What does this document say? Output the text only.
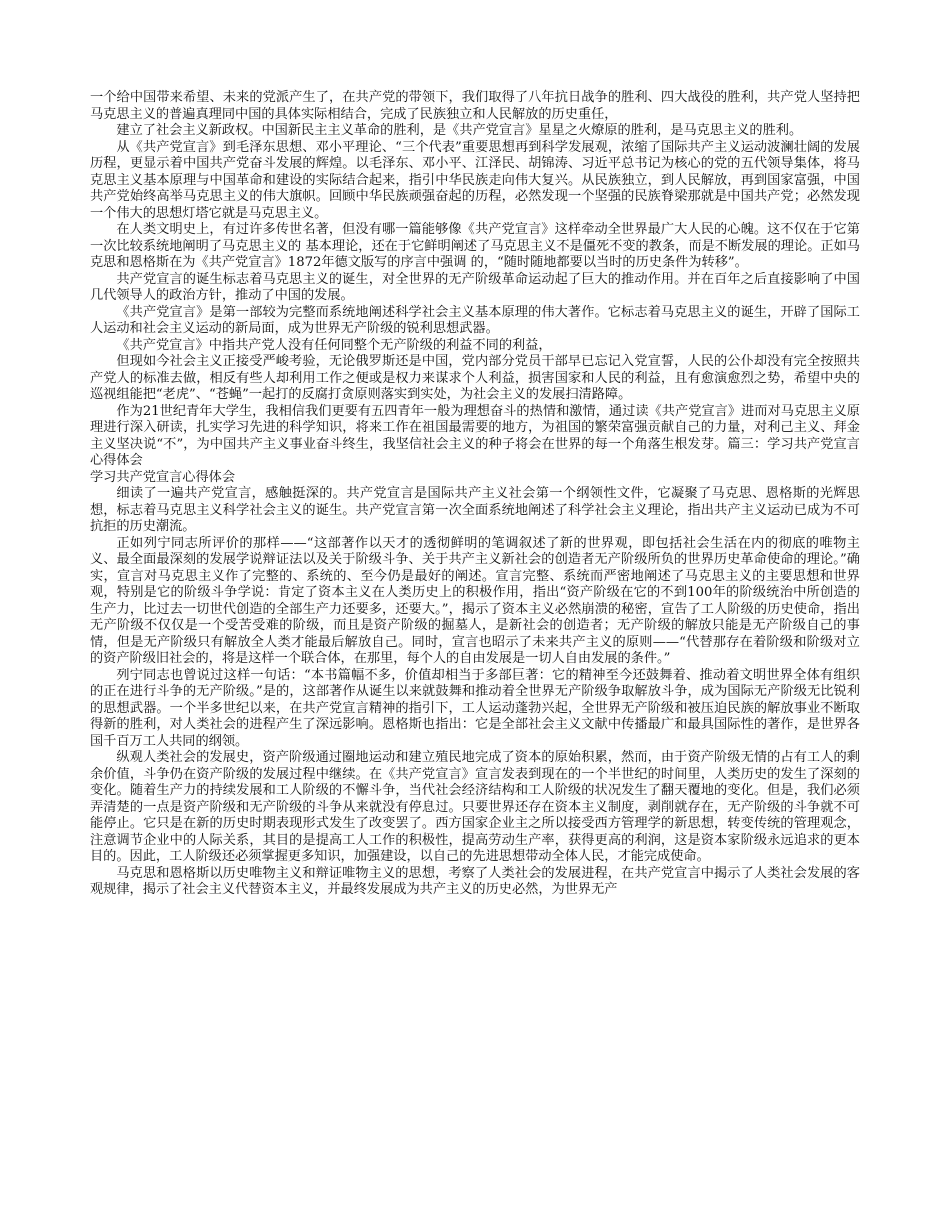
一个给中国带来希望、未来的党派产生了，在共产党的带领下，我们取得了八年抗日战争的胜利、四大战役的胜利，共产党人坚持把马克思主义的普遍真理同中国的具体实际相结合，完成了民族独立和人民解放的历史重任，

建立了社会主义新政权。中国新民主主义革命的胜利，是《共产党宣言》星星之火燎原的胜利，是马克思主义的胜利。

从《共产党宣言》到毛泽东思想、邓小平理论、“三个代表”重要思想再到科学发展观，浓缩了国际共产主义运动波澜壮阔的发展历程，更显示着中国共产党奋斗发展的辉煌。以毛泽东、邓小平、江泽民、胡锦涛、习近平总书记为核心的党的五代领导集体，将马克思主义基本原理与中国革命和建设的实际结合起来，指引中华民族走向伟大复兴。从民族独立，到人民解放，再到国家富强，中国共产党始终高举马克思主义的伟大旗帜。回顾中华民族顽强奋起的历程，必然发现一个坚强的民族脊梁那就是中国共产党；必然发现一个伟大的思想灯塔它就是马克思主义。

在人类文明史上，有过许多传世名著，但没有哪一篇能够像《共产党宣言》这样牵动全世界最广大人民的心魄。这不仅在于它第一次比较系统地阐明了马克思主义的 基本理论，还在于它鲜明阐述了马克思主义不是僵死不变的教条，而是不断发展的理论。正如马克思和恩格斯在为《共产党宣言》1872年德文版写的序言中强调 的，“随时随地都要以当时的历史条件为转移”。

共产党宣言的诞生标志着马克思主义的诞生，对全世界的无产阶级革命运动起了巨大的推动作用。并在百年之后直接影响了中国几代领导人的政治方针，推动了中国的发展。

《共产党宣言》是第一部较为完整而系统地阐述科学社会主义基本原理的伟大著作。它标志着马克思主义的诞生，开辟了国际工人运动和社会主义运动的新局面，成为世界无产阶级的锐利思想武器。

《共产党宣言》中指共产党人没有任何同整个无产阶级的利益不同的利益，

但现如今社会主义正接受严峻考验，无论俄罗斯还是中国，党内部分党员干部早已忘记入党宣誓，人民的公仆却没有完全按照共产党人的标准去做，相反有些人却利用工作之便或是权力来谋求个人利益，损害国家和人民的利益，且有愈演愈烈之势，希望中央的巡视组能把“老虎”、“苍蝇”一起打的反腐打贪原则落实到实处，为社会主义的发展扫清路障。

作为21世纪青年大学生，我相信我们更要有五四青年一般为理想奋斗的热情和激情，通过读《共产党宣言》进而对马克思主义原理进行深入研读，扎实学习先进的科学知识，将来工作在祖国最需要的地方，为祖国的繁荣富强贡献自己的力量，对利己主义、拜金主义坚决说“不”，为中国共产主义事业奋斗终生，我坚信社会主义的种子将会在世界的每一个角落生根发芽。篇三：学习共产党宣言心得体会

学习共产党宣言心得体会

细读了一遍共产党宣言，感触挺深的。共产党宣言是国际共产主义社会第一个纲领性文件，它凝聚了马克思、恩格斯的光辉思想，标志着马克思主义科学社会主义的诞生。共产党宣言第一次全面系统地阐述了科学社会主义理论，指出共产主义运动已成为不可抗拒的历史潮流。

正如列宁同志所评价的那样——“这部著作以天才的透彻鲜明的笔调叙述了新的世界观，即包括社会生活在内的彻底的唯物主义、最全面最深刻的发展学说辩证法以及关于阶级斗争、关于共产主义新社会的创造者无产阶级所负的世界历史革命使命的理论。”确实，宣言对马克思主义作了完整的、系统的、至今仍是最好的阐述。宣言完整、系统而严密地阐述了马克思主义的主要思想和世界观，特别是它的阶级斗争学说：肯定了资本主义在人类历史上的积极作用，指出“资产阶级在它的不到100年的阶级统治中所创造的生产力，比过去一切世代创造的全部生产力还要多，还要大。”，揭示了资本主义必然崩溃的秘密，宣告了工人阶级的历史使命，指出无产阶级不仅仅是一个受苦受难的阶级，而且是资产阶级的掘墓人，是新社会的创造者；无产阶级的解放只能是无产阶级自己的事情，但是无产阶级只有解放全人类才能最后解放自己。同时，宣言也昭示了未来共产主义的原则——“代替那存在着阶级和阶级对立的资产阶级旧社会的，将是这样一个联合体，在那里，每个人的自由发展是一切人自由发展的条件。”

列宁同志也曾说过这样一句话：“本书篇幅不多，价值却相当于多部巨著：它的精神至今还鼓舞着、推动着文明世界全体有组织的正在进行斗争的无产阶级。”是的，这部著作从诞生以来就鼓舞和推动着全世界无产阶级争取解放斗争，成为国际无产阶级无比锐利的思想武器。一个半多世纪以来，在共产党宣言精神的指引下，工人运动蓬勃兴起，全世界无产阶级和被压迫民族的解放事业不断取得新的胜利，对人类社会的进程产生了深远影响。恩格斯也指出：它是全部社会主义文献中传播最广和最具国际性的著作，是世界各国千百万工人共同的纲领。

纵观人类社会的发展史，资产阶级通过圈地运动和建立殖民地完成了资本的原始积累，然而，由于资产阶级无情的占有工人的剩余价值，斗争仍在资产阶级的发展过程中继续。在《共产党宣言》宣言发表到现在的一个半世纪的时间里，人类历史的发生了深刻的变化。随着生产力的持续发展和工人阶级的不懈斗争，当代社会经济结构和工人阶级的状况发生了翻天覆地的变化。但是，我们必须弄清楚的一点是资产阶级和无产阶级的斗争从来就没有停息过。只要世界还存在资本主义制度，剥削就存在，无产阶级的斗争就不可能停止。它只是在新的历史时期表现形式发生了改变罢了。西方国家企业主之所以接受西方管理学的新思想，转变传统的管理观念，注意调节企业中的人际关系，其目的是提高工人工作的积极性，提高劳动生产率，获得更高的利润，这是资本家阶级永远追求的更本目的。因此，工人阶级还必须掌握更多知识，加强建设，以自己的先进思想带动全体人民，才能完成使命。

马克思和恩格斯以历史唯物主义和辩证唯物主义的思想，考察了人类社会的发展进程，在共产党宣言中揭示了人类社会发展的客观规律，揭示了社会主义代替资本主义，并最终发展成为共产主义的历史必然，为世界无产
